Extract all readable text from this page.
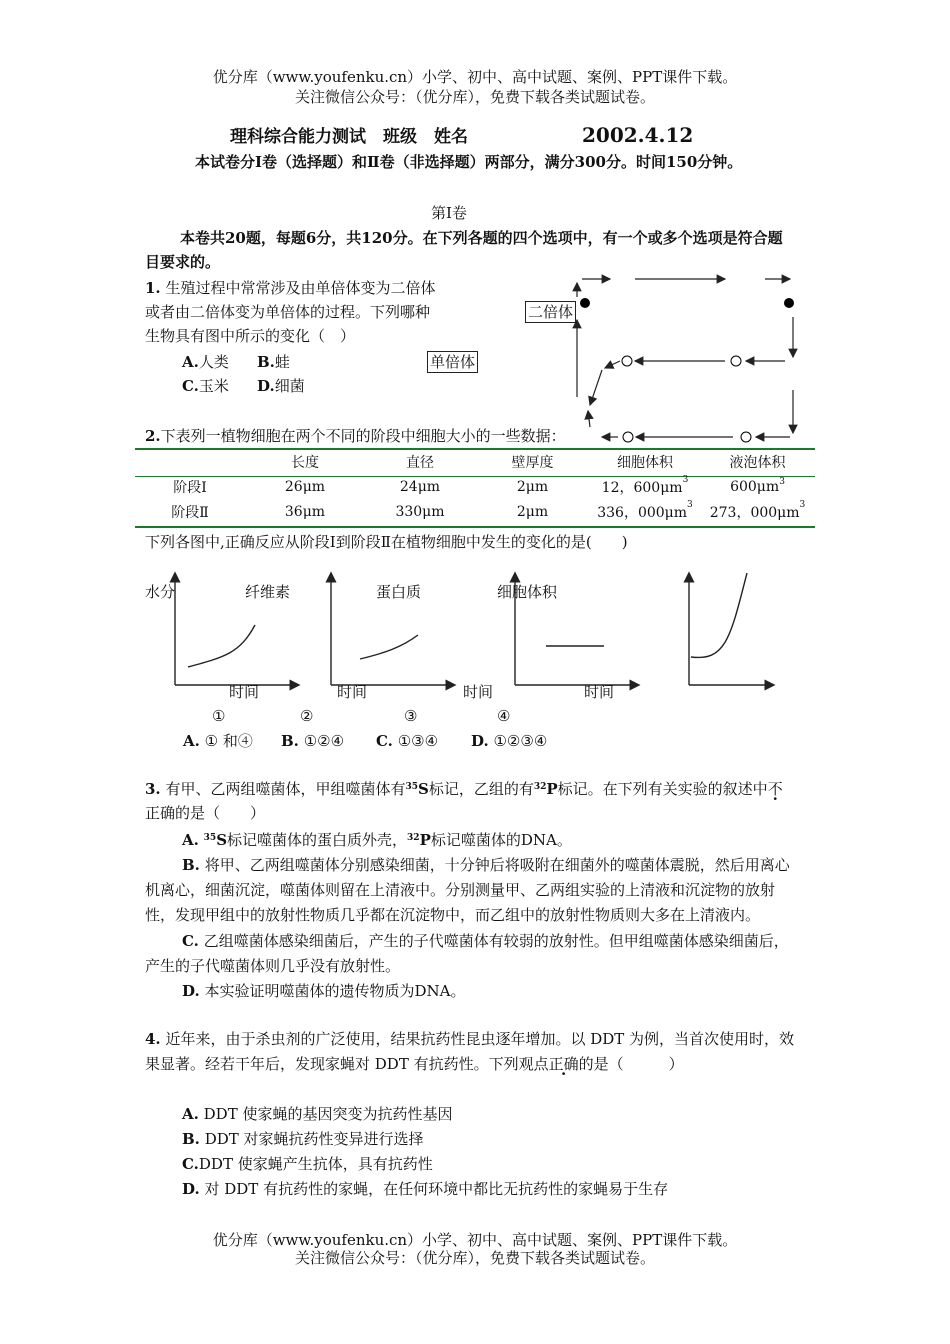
优分库（www.youfenku.cn）小学、初中、高中试题、案例、PPT课件下载。
关注微信公众号：（优分库），免费下载各类试题试卷。
理科综合能力测试　班级　姓名	2002.4.12
本试卷分Ⅰ卷（选择题）和Ⅱ卷（非选择题）两部分，满分300分。时间150分钟。
第Ⅰ卷
本卷共20题，每题6分，共120分。在下列各题的四个选项中，有一个或多个选项是符合题
目要求的。
1. 生殖过程中常常涉及由单倍体变为二倍体
或者由二倍体变为单倍体的过程。下列哪种
生物具有图中所示的变化（　）
A.人类 B.蛙
C.玉米 D.细菌
二倍体
单倍体
2.下表列一植物细胞在两个不同的阶段中细胞大小的一些数据：
	长度	直径	壁厚度	细胞体积	液泡体积
阶段Ⅰ	26μm	24μm	2μm	12，$600\mu m^3$	$600\mu m^3$
阶段Ⅱ	36μm	330μm	2μm	336，$000\mu m^3$	273，$000\mu m^3$
下列各图中,正确反应从阶段Ⅰ到阶段Ⅱ在植物细胞中发生的变化的是(　　)
水分	纤维素	蛋白质	细胞体积
时间	时间	时间	时间
①	②	③	④
A. ① 和④ B. ①②④ C. ①③④ D. ①②③④
3. 有甲、乙两组噬菌体，甲组噬菌体有$^{35}$S标记，乙组的有$^{32}$P标记。在下列有关实验的叙述中不
正确的是（　　）
A. $^{35}$S标记噬菌体的蛋白质外壳，$^{32}$P标记噬菌体的DNA。
B. 将甲、乙两组噬菌体分别感染细菌，十分钟后将吸附在细菌外的噬菌体震脱，然后用离心
机离心，细菌沉淀，噬菌体则留在上清液中。分别测量甲、乙两组实验的上清液和沉淀物的放射
性，发现甲组中的放射性物质几乎都在沉淀物中，而乙组中的放射性物质则大多在上清液内。
C. 乙组噬菌体感染细菌后，产生的子代噬菌体有较弱的放射性。但甲组噬菌体感染细菌后，
产生的子代噬菌体则几乎没有放射性。
D. 本实验证明噬菌体的遗传物质为DNA。
4. 近年来，由于杀虫剂的广泛使用，结果抗药性昆虫逐年增加。以 DDT 为例，当首次使用时，效
果显著。经若干年后，发现家蝇对 DDT 有抗药性。下列观点正确的是（　　　）
A. DDT 使家蝇的基因突变为抗药性基因
B. DDT 对家蝇抗药性变异进行选择
C.DDT 使家蝇产生抗体，具有抗药性
D. 对 DDT 有抗药性的家蝇，在任何环境中都比无抗药性的家蝇易于生存
优分库（www.youfenku.cn）小学、初中、高中试题、案例、PPT课件下载。
关注微信公众号：（优分库），免费下载各类试题试卷。
